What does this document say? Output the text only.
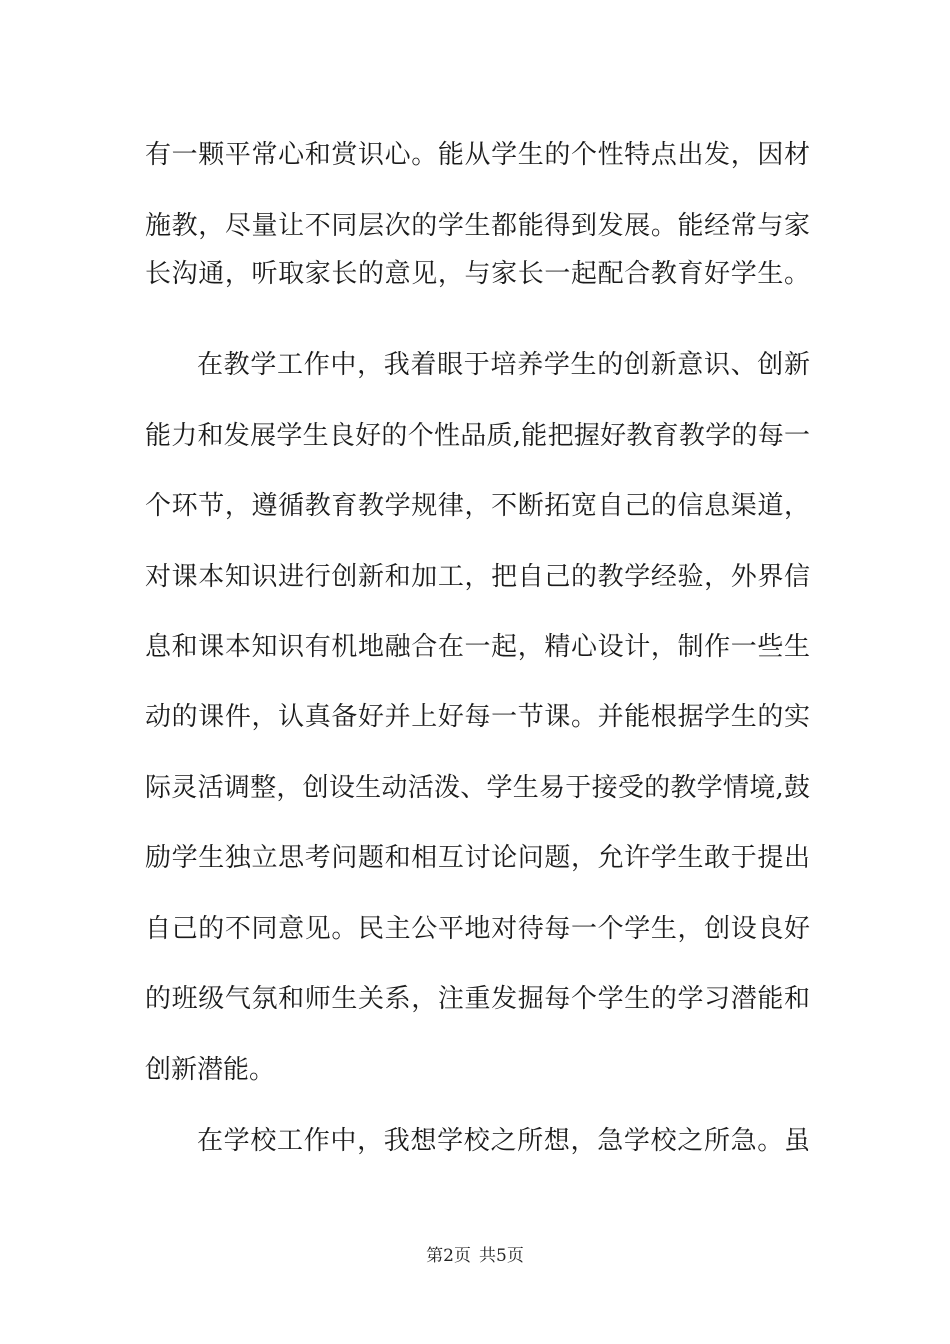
有一颗平常心和赏识心。能从学生的个性特点出发，因材
施教，尽量让不同层次的学生都能得到发展。能经常与家
长沟通，听取家长的意见，与家长一起配合教育好学生。
在教学工作中，我着眼于培养学生的创新意识、创新
能力和发展学生良好的个性品质,能把握好教育教学的每一
个环节，遵循教育教学规律，不断拓宽自己的信息渠道，
对课本知识进行创新和加工，把自己的教学经验，外界信
息和课本知识有机地融合在一起，精心设计，制作一些生
动的课件，认真备好并上好每一节课。并能根据学生的实
际灵活调整，创设生动活泼、学生易于接受的教学情境,鼓
励学生独立思考问题和相互讨论问题，允许学生敢于提出
自己的不同意见。民主公平地对待每一个学生，创设良好
的班级气氛和师生关系，注重发掘每个学生的学习潜能和
创新潜能。
在学校工作中，我想学校之所想，急学校之所急。虽
第2页 共5页
